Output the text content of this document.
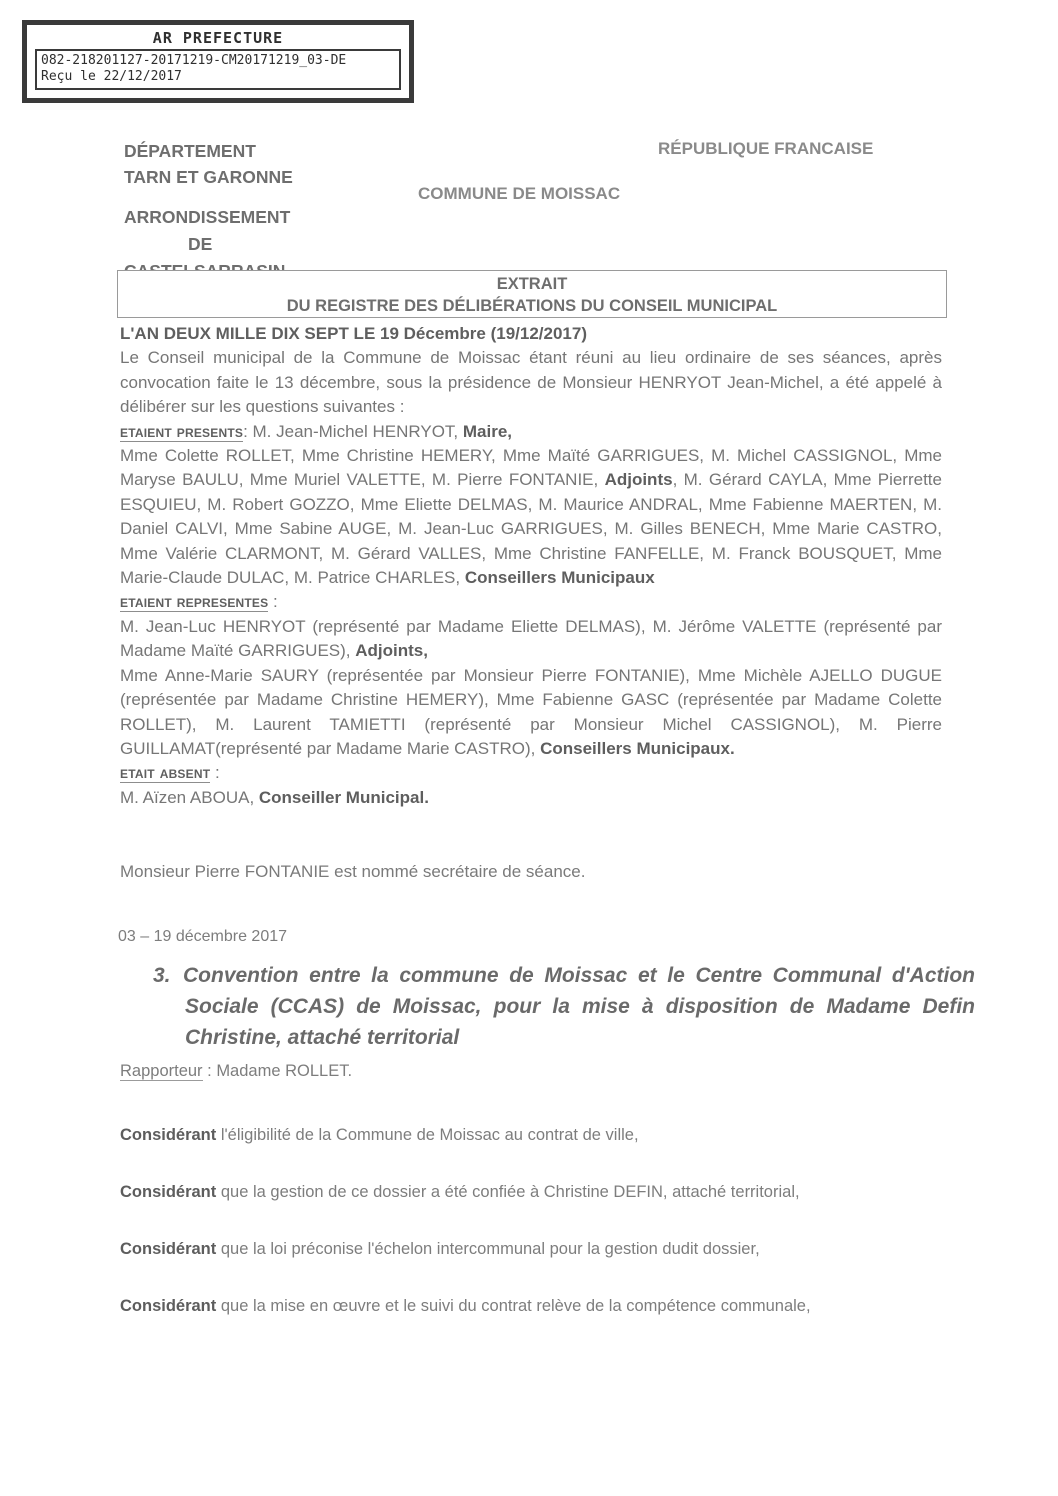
AR PREFECTURE
082-218201127-20171219-CM20171219_03-DE
Reçu le 22/12/2017
DÉPARTEMENT
TARN ET GARONNE
RÉPUBLIQUE FRANCAISE
COMMUNE DE MOISSAC
ARRONDISSEMENT
DE
EXTRAIT
DU REGISTRE DES DÉLIBÉRATIONS DU CONSEIL MUNICIPAL

L'AN DEUX MILLE DIX SEPT LE 19 Décembre (19/12/2017)

Le Conseil municipal de la Commune de Moissac étant réuni au lieu ordinaire de ses séances, après convocation faite le 13 décembre, sous la présidence de Monsieur HENRYOT Jean-Michel, a été appelé à délibérer sur les questions suivantes :

etaient presents: M. Jean-Michel HENRYOT, Maire,

Mme Colette ROLLET, Mme Christine HEMERY, Mme Maïté GARRIGUES, M. Michel CASSIGNOL, Mme Maryse BAULU, Mme Muriel VALETTE, M. Pierre FONTANIE, Adjoints, M. Gérard CAYLA, Mme Pierrette ESQUIEU, M. Robert GOZZO, Mme Eliette DELMAS, M. Maurice ANDRAL, Mme Fabienne MAERTEN, M. Daniel CALVI, Mme Sabine AUGE, M. Jean-Luc GARRIGUES, M. Gilles BENECH, Mme Marie CASTRO, Mme Valérie CLARMONT, M. Gérard VALLES, Mme Christine FANFELLE, M. Franck BOUSQUET, Mme Marie-Claude DULAC, M. Patrice CHARLES, Conseillers Municipaux

etaient representes :

M. Jean-Luc HENRYOT (représenté par Madame Eliette DELMAS), M. Jérôme VALETTE (représenté par Madame Maïté GARRIGUES), Adjoints,

Mme Anne-Marie SAURY (représentée par Monsieur Pierre FONTANIE), Mme Michèle AJELLO DUGUE (représentée par Madame Christine HEMERY), Mme Fabienne GASC (représentée par Madame Colette ROLLET), M. Laurent TAMIETTI (représenté par Monsieur Michel CASSIGNOL), M. Pierre GUILLAMAT(représenté par Madame Marie CASTRO), Conseillers Municipaux.

etait absent :

M. Aïzen ABOUA, Conseiller Municipal.

Monsieur Pierre FONTANIE est nommé secrétaire de séance.
03 – 19 décembre 2017
3. Convention entre la commune de Moissac et le Centre Communal d'Action Sociale (CCAS) de Moissac, pour la mise à disposition de Madame Defin Christine, attaché territorial
Rapporteur : Madame ROLLET.

Considérant l'éligibilité de la Commune de Moissac au contrat de ville,

Considérant que la gestion de ce dossier a été confiée à Christine DEFIN, attaché territorial,

Considérant que la loi préconise l'échelon intercommunal pour la gestion dudit dossier,

Considérant que la mise en œuvre et le suivi du contrat relève de la compétence communale,
